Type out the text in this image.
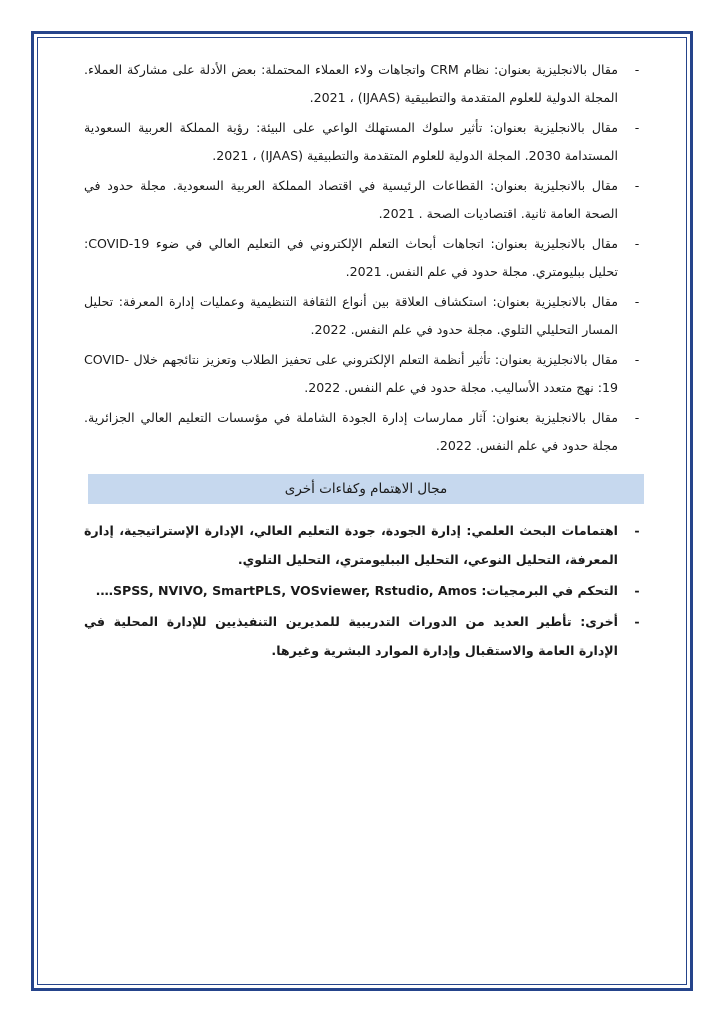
-
مقال بالانجليزية بعنوان: نظام CRM واتجاهات ولاء العملاء المحتملة: بعض الأدلة على مشاركة العملاء. المجلة الدولية للعلوم المتقدمة والتطبيقية (IJAAS) ، 2021.
-
مقال بالانجليزية بعنوان: تأثير سلوك المستهلك الواعي على البيئة: رؤية المملكة العربية السعودية المستدامة 2030. المجلة الدولية للعلوم المتقدمة والتطبيقية (IJAAS) ، 2021.
-
مقال بالانجليزية بعنوان: القطاعات الرئيسية في اقتصاد المملكة العربية السعودية. مجلة حدود في الصحة العامة ثانية. اقتصاديات الصحة . 2021.
-
مقال بالانجليزية بعنوان: اتجاهات أبحاث التعلم الإلكتروني في التعليم العالي في ضوء COVID-19: تحليل ببليومتري. مجلة حدود في علم النفس. 2021.
-
مقال بالانجليزية بعنوان: استكشاف العلاقة بين أنواع الثقافة التنظيمية وعمليات إدارة المعرفة: تحليل المسار التحليلي التلوي. مجلة حدود في علم النفس. 2022.
-
مقال بالانجليزية بعنوان: تأثير أنظمة التعلم الإلكتروني على تحفيز الطلاب وتعزيز نتائجهم خلال COVID-19: نهج متعدد الأساليب. مجلة حدود في علم النفس. 2022.
-
مقال بالانجليزية بعنوان: آثار ممارسات إدارة الجودة الشاملة في مؤسسات التعليم العالي الجزائرية. مجلة حدود في علم النفس. 2022.
مجال الاهتمام وكفاءات أخرى
-
اهتمامات البحث العلمي: إدارة الجودة، جودة التعليم العالي، الإدارة الإستراتيجية، إدارة المعرفة، التحليل النوعي، التحليل الببليومتري، التحليل التلوي.
-
التحكم في البرمجيات: SPSS, NVIVO, SmartPLS, VOSviewer, Rstudio, Amos….
-
أخرى: تأطير العديد من الدورات التدريبية للمديرين التنفيذيين للإدارة المحلية في الإدارة العامة والاستقبال وإدارة الموارد البشرية وغيرها.
